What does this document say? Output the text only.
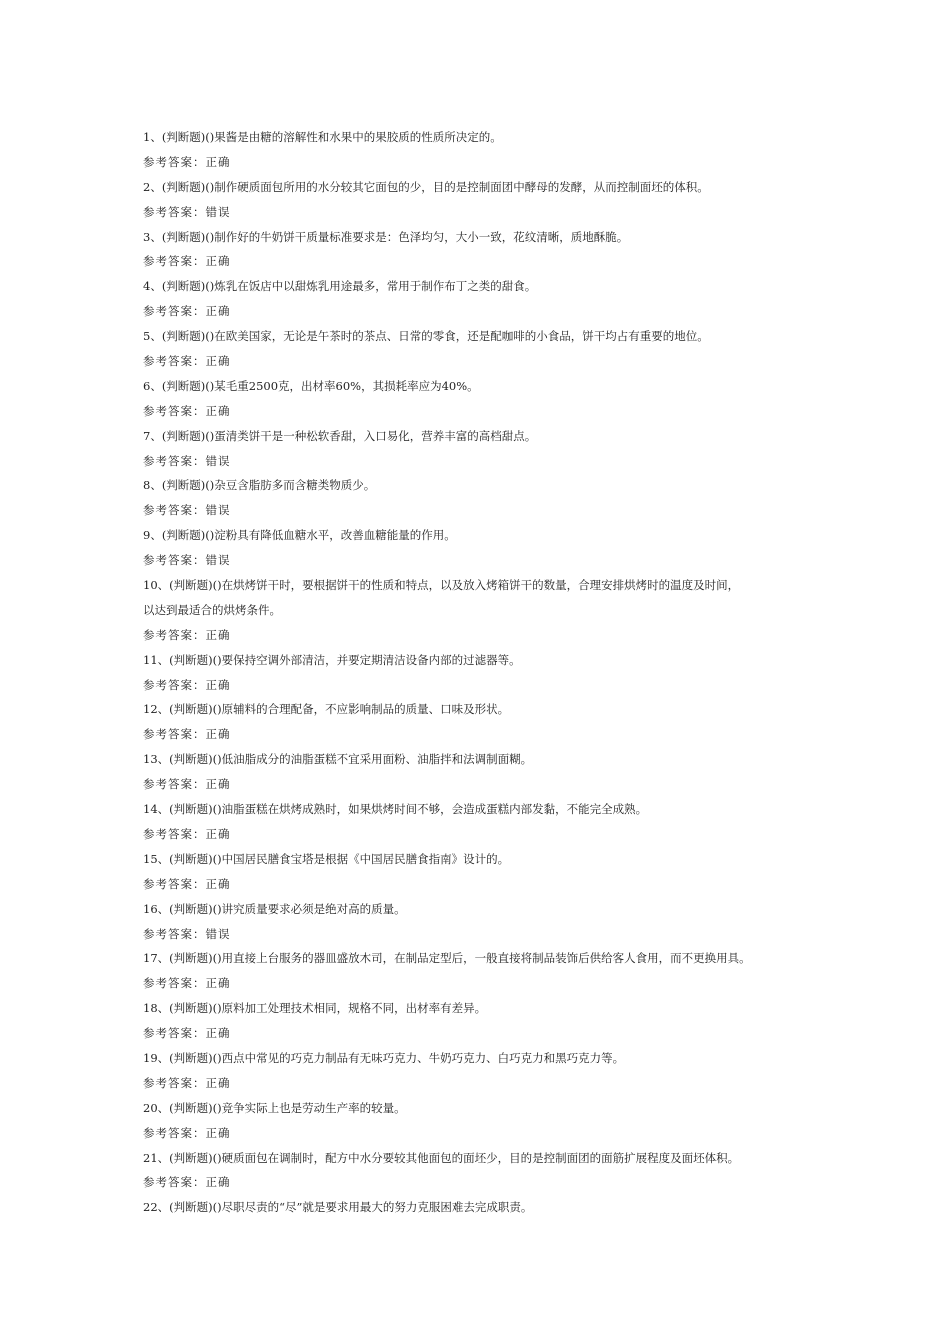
1、(判断题)()果酱是由糖的溶解性和水果中的果胶质的性质所决定的。
参考答案：正确
2、(判断题)()制作硬质面包所用的水分较其它面包的少，目的是控制面团中酵母的发酵，从而控制面坯的体积。
参考答案：错误
3、(判断题)()制作好的牛奶饼干质量标准要求是：色泽均匀，大小一致，花纹清晰，质地酥脆。
参考答案：正确
4、(判断题)()炼乳在饭店中以甜炼乳用途最多，常用于制作布丁之类的甜食。
参考答案：正确
5、(判断题)()在欧美国家，无论是午茶时的茶点、日常的零食，还是配咖啡的小食品，饼干均占有重要的地位。
参考答案：正确
6、(判断题)()某毛重2500克，出材率60%，其损耗率应为40%。
参考答案：正确
7、(判断题)()蛋清类饼干是一种松软香甜，入口易化，营养丰富的高档甜点。
参考答案：错误
8、(判断题)()杂豆含脂肪多而含糖类物质少。
参考答案：错误
9、(判断题)()淀粉具有降低血糖水平，改善血糖能量的作用。
参考答案：错误
10、(判断题)()在烘烤饼干时，要根据饼干的性质和特点，以及放入烤箱饼干的数量，合理安排烘烤时的温度及时间，
以达到最适合的烘烤条件。
参考答案：正确
11、(判断题)()要保持空调外部清洁，并要定期清洁设备内部的过滤器等。
参考答案：正确
12、(判断题)()原辅料的合理配备，不应影响制品的质量、口味及形状。
参考答案：正确
13、(判断题)()低油脂成分的油脂蛋糕不宜采用面粉、油脂拌和法调制面糊。
参考答案：正确
14、(判断题)()油脂蛋糕在烘烤成熟时，如果烘烤时间不够，会造成蛋糕内部发黏，不能完全成熟。
参考答案：正确
15、(判断题)()中国居民膳食宝塔是根据《中国居民膳食指南》设计的。
参考答案：正确
16、(判断题)()讲究质量要求必须是绝对高的质量。
参考答案：错误
17、(判断题)()用直接上台服务的器皿盛放木司，在制品定型后，一般直接将制品装饰后供给客人食用，而不更换用具。
参考答案：正确
18、(判断题)()原料加工处理技术相同，规格不同，出材率有差异。
参考答案：正确
19、(判断题)()西点中常见的巧克力制品有无味巧克力、牛奶巧克力、白巧克力和黑巧克力等。
参考答案：正确
20、(判断题)()竞争实际上也是劳动生产率的较量。
参考答案：正确
21、(判断题)()硬质面包在调制时，配方中水分要较其他面包的面坯少，目的是控制面团的面筋扩展程度及面坯体积。
参考答案：正确
22、(判断题)()尽职尽责的“尽”就是要求用最大的努力克服困难去完成职责。
